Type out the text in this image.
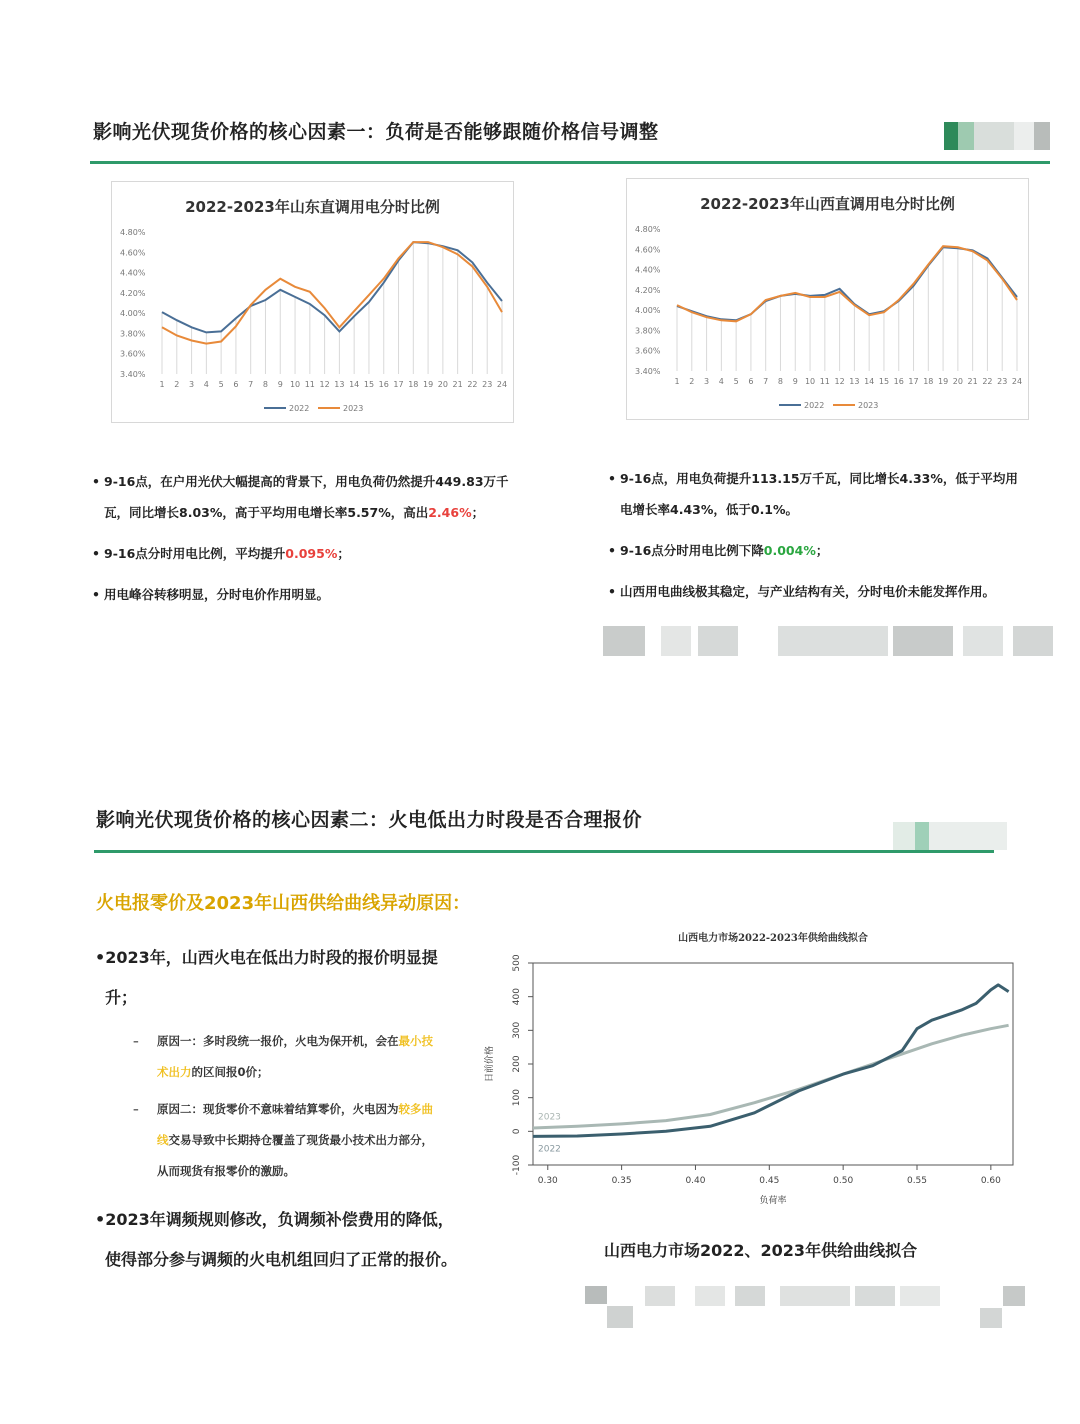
影响光伏现货价格的核心因素一：负荷是否能够跟随价格信号调整
2022-2023年山东直调用电分时比例
4.80%
4.60%
4.40%
4.20%
4.00%
3.80%
3.60%
3.40%
1 2 3 4 5 6 7 8 9 10 11 12 13 14 15 16 17 18 19 20 21 22 23 24
2022	2023
2022-2023年山西直调用电分时比例
4.80%
4.60%
4.40%
4.20%
4.00%
3.80%
3.60%
3.40%
1 2 3 4 5 6 7 8 9 10 11 12 13 14 15 16 17 18 19 20 21 22 23 24
2022	2023
• 9-16点，在户用光伏大幅提高的背景下，用电负荷仍然提升449.83万千
瓦，同比增长8.03%，高于平均用电增长率5.57%，高出2.46%；
• 9-16点分时用电比例，平均提升0.095%；
• 用电峰谷转移明显，分时电价作用明显。
• 9-16点，用电负荷提升113.15万千瓦，同比增长4.33%，低于平均用
电增长率4.43%，低于0.1%。
• 9-16点分时用电比例下降0.004%；
• 山西用电曲线极其稳定，与产业结构有关，分时电价未能发挥作用。
影响光伏现货价格的核心因素二：火电低出力时段是否合理报价
火电报零价及2023年山西供给曲线异动原因：
•2023年，山西火电在低出力时段的报价明显提
升；
– 原因一：多时段统一报价，火电为保开机，会在最小技
术出力的区间报0价；
– 原因二：现货零价不意味着结算零价，火电因为较多曲
线交易导致中长期持仓覆盖了现货最小技术出力部分，
从而现货有报零价的激励。
•2023年调频规则修改，负调频补偿费用的降低，
使得部分参与调频的火电机组回归了正常的报价。
山西电力市场2022-2023年供给曲线拟合
500
400
300
200
100
0
-100
0.30	0.35	0.40	0.45	0.50	0.55	0.60
日前价格
负荷率
2023
2022
山西电力市场2022、2023年供给曲线拟合
